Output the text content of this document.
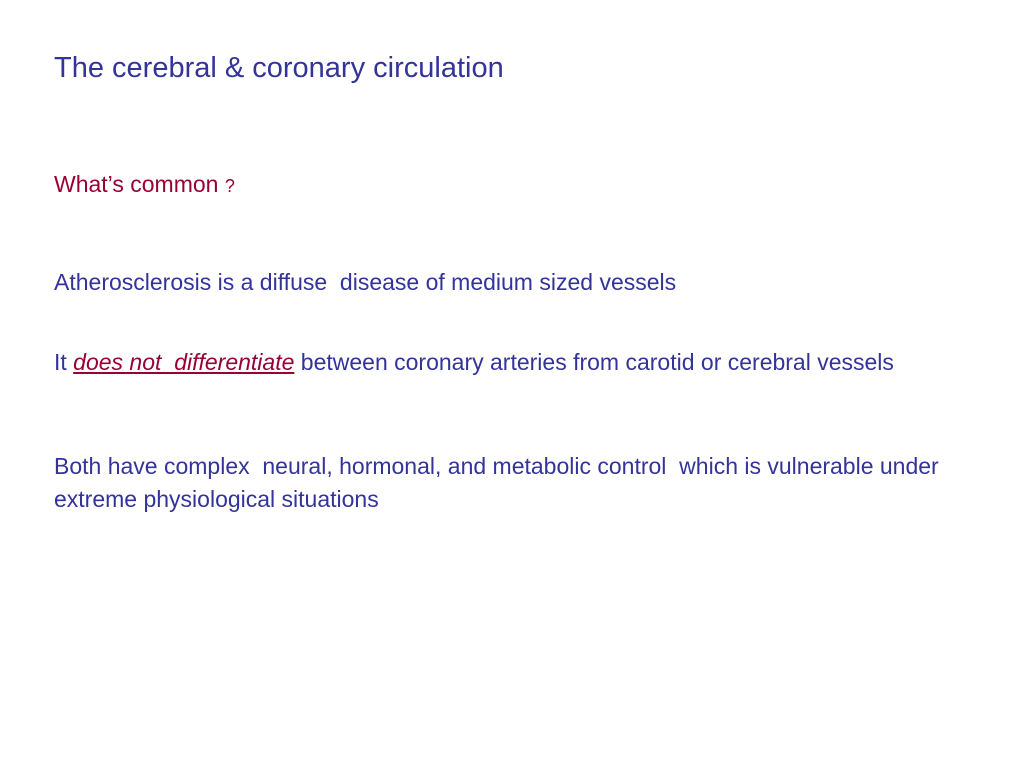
The cerebral & coronary circulation
What’s common ?
Atherosclerosis is a diffuse  disease of medium sized vessels
It does not  differentiate between coronary arteries from carotid or cerebral vessels
Both have complex  neural, hormonal, and metabolic control  which is vulnerable under extreme physiological situations
